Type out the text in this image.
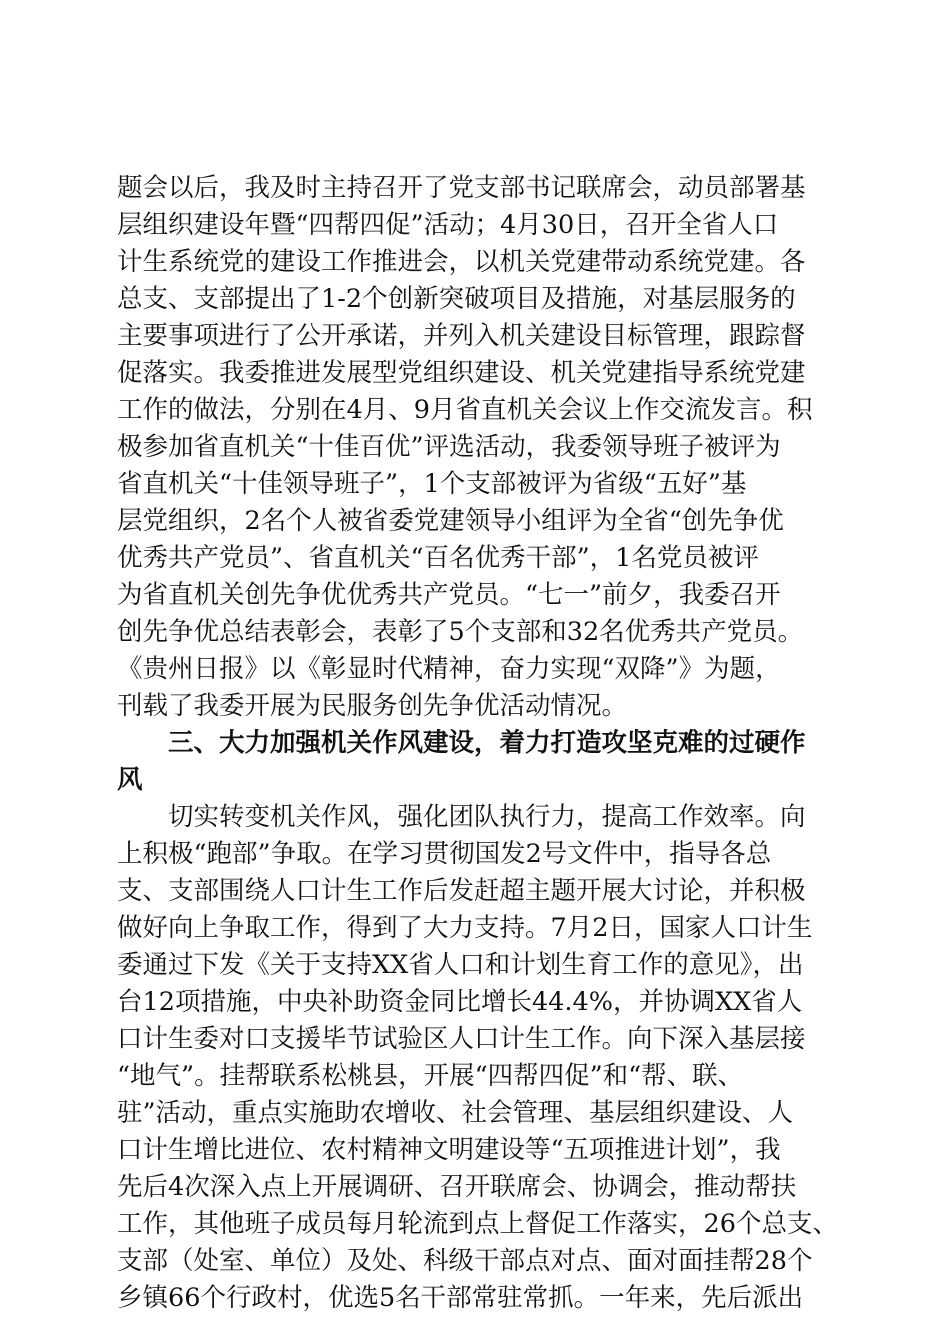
题会以后，我及时主持召开了党支部书记联席会，动员部署基
层组织建设年暨“四帮四促”活动；4月30日，召开全省人口
计生系统党的建设工作推进会，以机关党建带动系统党建。各
总支、支部提出了1-2个创新突破项目及措施，对基层服务的
主要事项进行了公开承诺，并列入机关建设目标管理，跟踪督
促落实。我委推进发展型党组织建设、机关党建指导系统党建
工作的做法，分别在4月、9月省直机关会议上作交流发言。积
极参加省直机关“十佳百优”评选活动，我委领导班子被评为
省直机关“十佳领导班子”，1个支部被评为省级“五好”基
层党组织，2名个人被省委党建领导小组评为全省“创先争优
优秀共产党员”、省直机关“百名优秀干部”，1名党员被评
为省直机关创先争优优秀共产党员。“七一”前夕，我委召开
创先争优总结表彰会，表彰了5个支部和32名优秀共产党员。
《贵州日报》以《彰显时代精神，奋力实现“双降”》为题，
刊载了我委开展为民服务创先争优活动情况。
　　三、大力加强机关作风建设，着力打造攻坚克难的过硬作
风
　　切实转变机关作风，强化团队执行力，提高工作效率。向
上积极“跑部”争取。在学习贯彻国发2号文件中，指导各总
支、支部围绕人口计生工作后发赶超主题开展大讨论，并积极
做好向上争取工作，得到了大力支持。7月2日，国家人口计生
委通过下发《关于支持XX省人口和计划生育工作的意见》，出
台12项措施，中央补助资金同比增长44.4%，并协调XX省人
口计生委对口支援毕节试验区人口计生工作。向下深入基层接
“地气”。挂帮联系松桃县，开展“四帮四促”和“帮、联、
驻”活动，重点实施助农增收、社会管理、基层组织建设、人
口计生增比进位、农村精神文明建设等“五项推进计划”，我
先后4次深入点上开展调研、召开联席会、协调会，推动帮扶
工作，其他班子成员每月轮流到点上督促工作落实，26个总支、
支部（处室、单位）及处、科级干部点对点、面对面挂帮28个
乡镇66个行政村，优选5名干部常驻常抓。一年来，先后派出
